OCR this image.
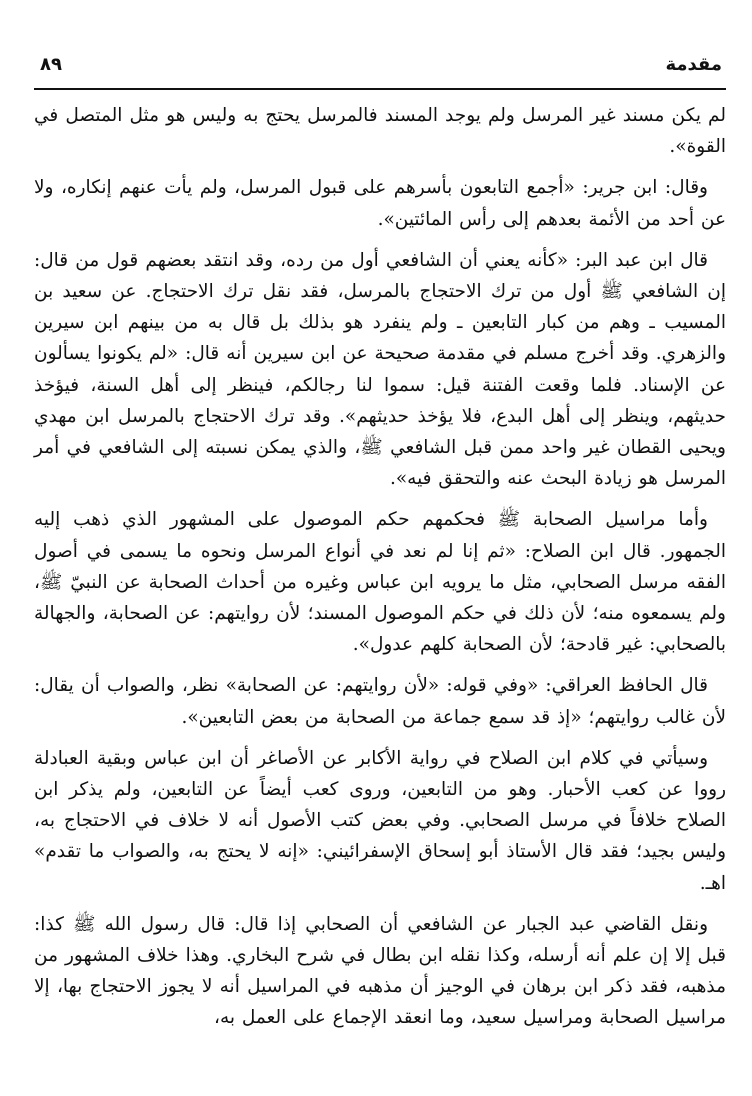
مقدمة
٨٩

لم يكن مسند غير المرسل ولم يوجد المسند فالمرسل يحتج به وليس هو مثل المتصل في القوة».

وقال: ابن جرير: «أجمع التابعون بأسرهم على قبول المرسل، ولم يأت عنهم إنكاره، ولا عن أحد من الأئمة بعدهم إلى رأس المائتين».

قال ابن عبد البر: «كأنه يعني أن الشافعي أول من رده، وقد انتقد بعضهم قول من قال: إن الشافعي ﷺ أول من ترك الاحتجاج بالمرسل، فقد نقل ترك الاحتجاج. عن سعيد بن المسيب ـ وهم من كبار التابعين ـ ولم ينفرد هو بذلك بل قال به من بينهم ابن سيرين والزهري. وقد أخرج مسلم في مقدمة صحيحة عن ابن سيرين أنه قال: «لم يكونوا يسألون عن الإسناد. فلما وقعت الفتنة قيل: سموا لنا رجالكم، فينظر إلى أهل السنة، فيؤخذ حديثهم، وينظر إلى أهل البدع، فلا يؤخذ حديثهم». وقد ترك الاحتجاج بالمرسل ابن مهدي ويحيى القطان غير واحد ممن قبل الشافعي ﷺ، والذي يمكن نسبته إلى الشافعي في أمر المرسل هو زيادة البحث عنه والتحقق فيه».

وأما مراسيل الصحابة ﷺ فحكمهم حكم الموصول على المشهور الذي ذهب إليه الجمهور. قال ابن الصلاح: «ثم إنا لم نعد في أنواع المرسل ونحوه ما يسمى في أصول الفقه مرسل الصحابي، مثل ما يرويه ابن عباس وغيره من أحداث الصحابة عن النبيّ ﷺ، ولم يسمعوه منه؛ لأن ذلك في حكم الموصول المسند؛ لأن روايتهم: عن الصحابة، والجهالة بالصحابي: غير قادحة؛ لأن الصحابة كلهم عدول».

قال الحافظ العراقي: «وفي قوله: «لأن روايتهم: عن الصحابة» نظر، والصواب أن يقال: لأن غالب روايتهم؛ «إذ قد سمع جماعة من الصحابة من بعض التابعين».

وسيأتي في كلام ابن الصلاح في رواية الأكابر عن الأصاغر أن ابن عباس وبقية العبادلة رووا عن كعب الأحبار. وهو من التابعين، وروى كعب أيضاً عن التابعين، ولم يذكر ابن الصلاح خلافاً في مرسل الصحابي. وفي بعض كتب الأصول أنه لا خلاف في الاحتجاج به، وليس بجيد؛ فقد قال الأستاذ أبو إسحاق الإسفرائيني: «إنه لا يحتج به، والصواب ما تقدم» اهـ.

ونقل القاضي عبد الجبار عن الشافعي أن الصحابي إذا قال: قال رسول الله ﷺ كذا: قبل إلا إن علم أنه أرسله، وكذا نقله ابن بطال في شرح البخاري. وهذا خلاف المشهور من مذهبه، فقد ذكر ابن برهان في الوجيز أن مذهبه في المراسيل أنه لا يجوز الاحتجاج بها، إلا مراسيل الصحابة ومراسيل سعيد، وما انعقد الإجماع على العمل به،
